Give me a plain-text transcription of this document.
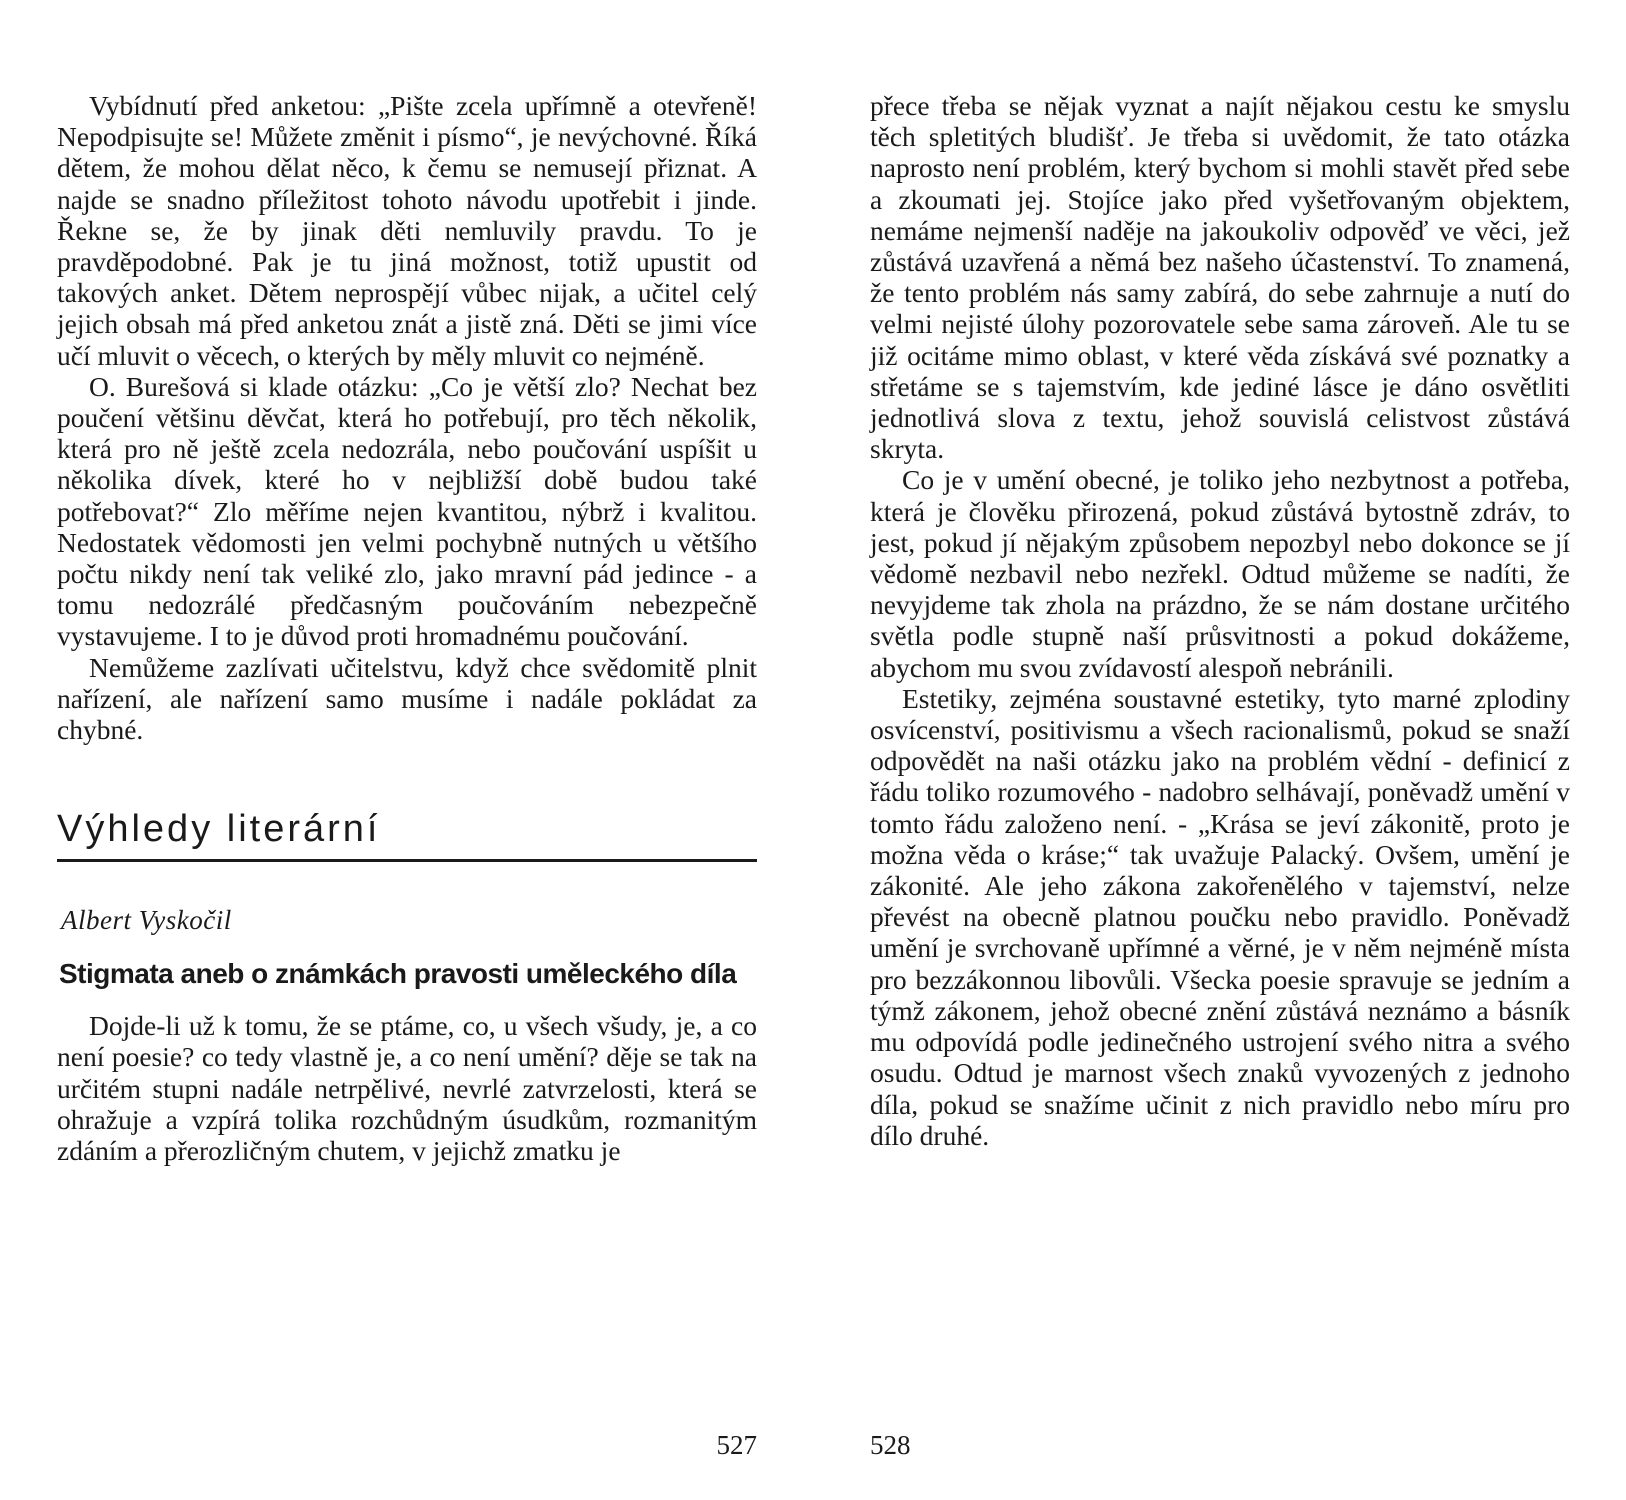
Vybídnutí před anketou: „Pište zcela upřímně a otevřeně! Nepodpisujte se! Můžete změnit i písmo“, je nevýchovné. Říká dětem, že mohou dělat něco, k čemu se nemusejí přiznat. A najde se snadno příležitost tohoto návodu upotřebit i jinde. Řekne se, že by jinak děti nemluvily pravdu. To je pravděpodobné. Pak je tu jiná možnost, totiž upustit od takových anket. Dětem neprospějí vůbec nijak, a učitel celý jejich obsah má před anketou znát a jistě zná. Děti se jimi více učí mluvit o věcech, o kterých by měly mluvit co nejméně.

O. Burešová si klade otázku: „Co je větší zlo? Nechat bez poučení většinu děvčat, která ho potřebují, pro těch několik, která pro ně ještě zcela nedozrála, nebo poučování uspíšit u několika dívek, které ho v nejbližší době budou také potřebovat?“ Zlo měříme nejen kvantitou, nýbrž i kvalitou. Nedostatek vědomosti jen velmi pochybně nutných u většího počtu nikdy není tak veliké zlo, jako mravní pád jedince - a tomu nedozrálé předčasným poučováním nebezpečně vystavujeme. I to je důvod proti hromadnému poučování.

Nemůžeme zazlívati učitelstvu, když chce svědomitě plnit nařízení, ale nařízení samo musíme i nadále pokládat za chybné.

Výhledy literární
Albert Vyskočil
Stigmata aneb o známkách pravosti uměleckého díla

Dojde-li už k tomu, že se ptáme, co, u všech všudy, je, a co není poesie? co tedy vlastně je, a co není umění? děje se tak na určitém stupni nadále netrpělivé, nevrlé zatvrzelosti, která se ohražuje a vzpírá tolika rozchůdným úsudkům, rozmanitým zdáním a přerozličným chutem, v jejichž zmatku je

527

přece třeba se nějak vyznat a najít nějakou cestu ke smyslu těch spletitých bludišť. Je třeba si uvědomit, že tato otázka naprosto není problém, který bychom si mohli stavět před sebe a zkoumati jej. Stojíce jako před vyšetřovaným objektem, nemáme nejmenší naděje na jakoukoliv odpověď ve věci, jež zůstává uzavřená a němá bez našeho účastenství. To znamená, že tento problém nás samy zabírá, do sebe zahrnuje a nutí do velmi nejisté úlohy pozorovatele sebe sama zároveň. Ale tu se již ocitáme mimo oblast, v které věda získává své poznatky a střetáme se s tajemstvím, kde jediné lásce je dáno osvětliti jednotlivá slova z textu, jehož souvislá celistvost zůstává skryta.

Co je v umění obecné, je toliko jeho nezbytnost a potřeba, která je člověku přirozená, pokud zůstává bytostně zdráv, to jest, pokud jí nějakým způsobem nepozbyl nebo dokonce se jí vědomě nezbavil nebo nezřekl. Odtud můžeme se nadíti, že nevyjdeme tak zhola na prázdno, že se nám dostane určitého světla podle stupně naší průsvitnosti a pokud dokážeme, abychom mu svou zvídavostí alespoň nebránili.

Estetiky, zejména soustavné estetiky, tyto marné zplodiny osvícenství, positivismu a všech racionalismů, pokud se snaží odpovědět na naši otázku jako na problém vědní - definicí z řádu toliko rozumového - nadobro selhávají, poněvadž umění v tomto řádu založeno není. - „Krása se jeví zákonitě, proto je možna věda o kráse;“ tak uvažuje Palacký. Ovšem, umění je zákonité. Ale jeho zákona zakořenělého v tajemství, nelze převést na obecně platnou poučku nebo pravidlo. Poněvadž umění je svrchovaně upřímné a věrné, je v něm nejméně místa pro bezzákonnou libovůli. Všecka poesie spravuje se jedním a týmž zákonem, jehož obecné znění zůstává neznámo a básník mu odpovídá podle jedinečného ustrojení svého nitra a svého osudu. Odtud je marnost všech znaků vyvozených z jednoho díla, pokud se snažíme učinit z nich pravidlo nebo míru pro dílo druhé.

528
